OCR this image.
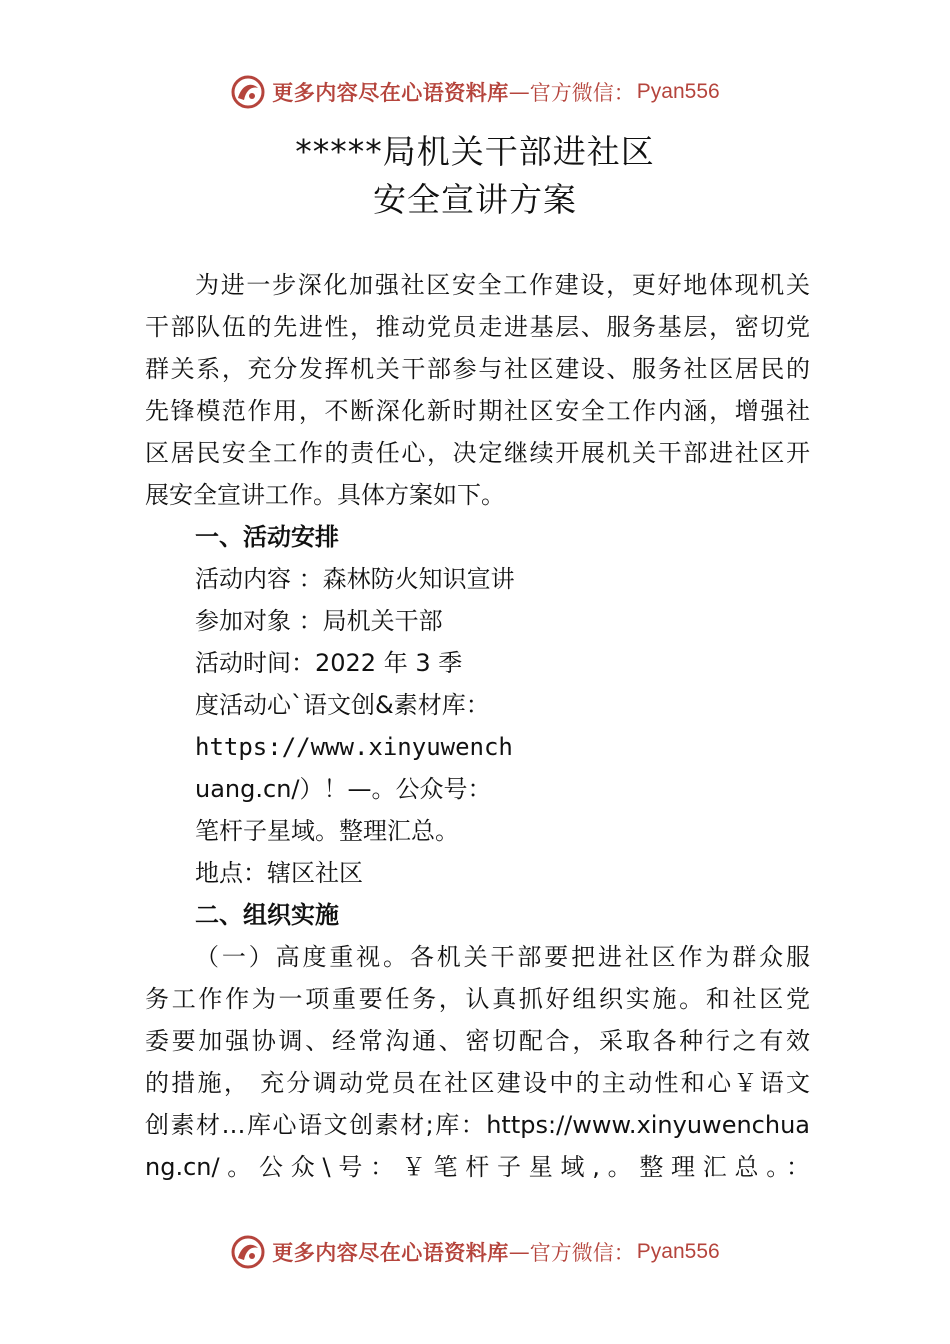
更多内容尽在心语资料库 — 官方微信： Pyan556
*****局机关干部进社区
安全宣讲方案
为进一步深化加强社区安全工作建设，更好地体现机关
干部队伍的先进性，推动党员走进基层、服务基层，密切党
群关系，充分发挥机关干部参与社区建设、服务社区居民的
先锋模范作用，不断深化新时期社区安全工作内涵，增强社
区居民安全工作的责任心，决定继续开展机关干部进社区开
展安全宣讲工作。具体方案如下。
一、活动安排
活动内容 ：森林防火知识宣讲
参加对象 ：局机关干部
活动时间：2022 年 3 季
度活动心`语文创&素材库：
https://www.xinyuwench
uang.cn/）！—。公众号：
笔杆子星域。整理汇总。
地点：辖区社区
二、组织实施
（一）高度重视。各机关干部要把进社区作为群众服
务工作作为一项重要任务，认真抓好组织实施。和社区党
委要加强协调、经常沟通、密切配合，采取各种行之有效
的措施， 充分调动党员在社区建设中的主动性和心￥语文
创素材…库心语文创素材;库：https://www.xinyuwenchua
ng.cn/。公众\号：￥笔杆子星域,。整理汇总。：
更多内容尽在心语资料库 — 官方微信： Pyan556
